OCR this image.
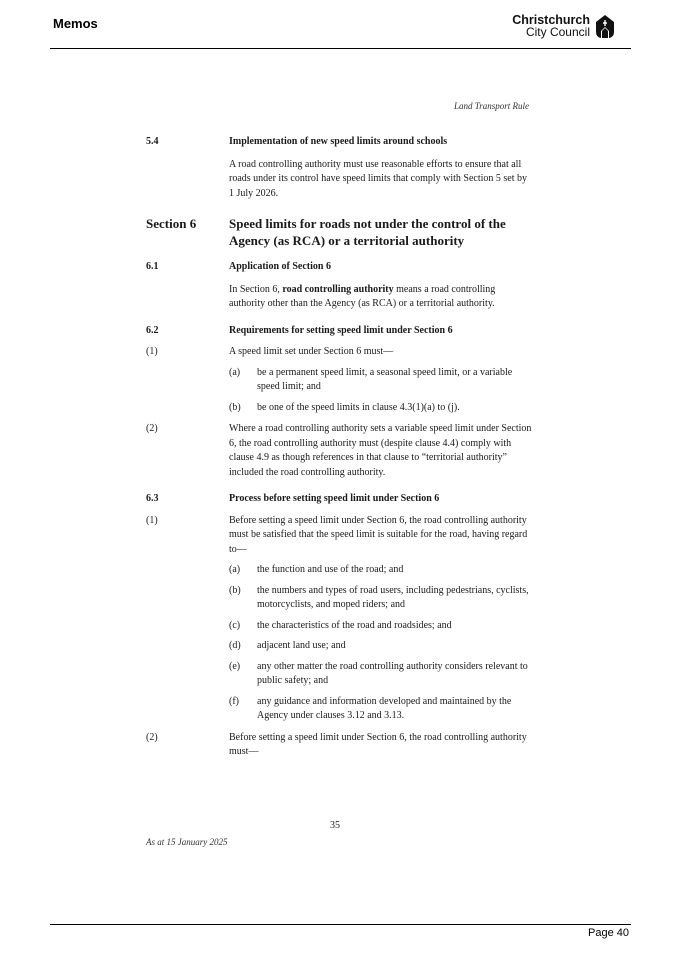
Memos	Christchurch
City Council
Land Transport Rule
5.4	Implementation of new speed limits around schools
A road controlling authority must use reasonable efforts to ensure that all roads under its control have speed limits that comply with Section 5 set by 1 July 2026.
Section 6	Speed limits for roads not under the control of the Agency (as RCA) or a territorial authority
6.1	Application of Section 6
In Section 6, road controlling authority means a road controlling authority other than the Agency (as RCA) or a territorial authority.
6.2	Requirements for setting speed limit under Section 6
(1)	A speed limit set under Section 6 must—
(a)	be a permanent speed limit, a seasonal speed limit, or a variable speed limit; and
(b)	be one of the speed limits in clause 4.3(1)(a) to (j).
(2)	Where a road controlling authority sets a variable speed limit under Section 6, the road controlling authority must (despite clause 4.4) comply with clause 4.9 as though references in that clause to “territorial authority” included the road controlling authority.
6.3	Process before setting speed limit under Section 6
(1)	Before setting a speed limit under Section 6, the road controlling authority must be satisfied that the speed limit is suitable for the road, having regard to—
(a)	the function and use of the road; and
(b)	the numbers and types of road users, including pedestrians, cyclists, motorcyclists, and moped riders; and
(c)	the characteristics of the road and roadsides; and
(d)	adjacent land use; and
(e)	any other matter the road controlling authority considers relevant to public safety; and
(f)	any guidance and information developed and maintained by the Agency under clauses 3.12 and 3.13.
(2)	Before setting a speed limit under Section 6, the road controlling authority must—
35
As at 15 January 2025
Page 40
